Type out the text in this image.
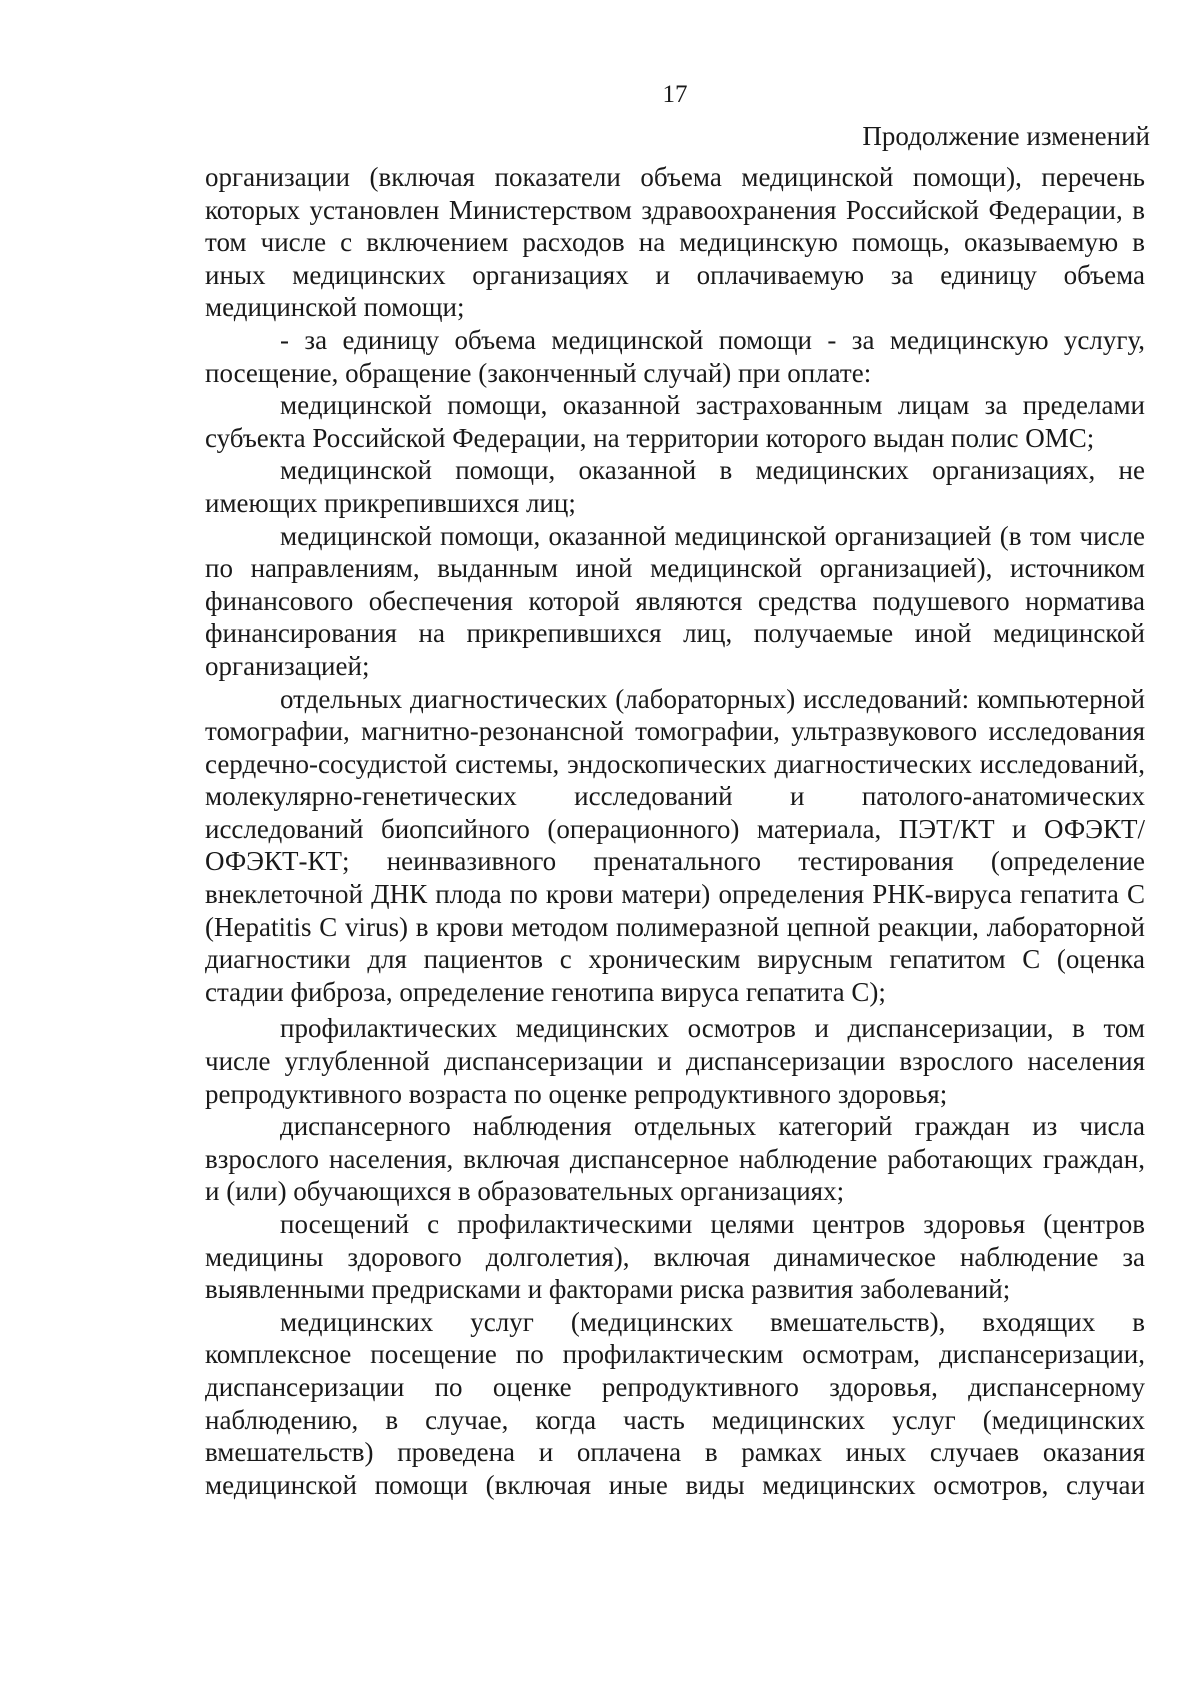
17
Продолжение изменений

организации (включая показатели объема медицинской помощи), перечень которых установлен Министерством здравоохранения Российской Федерации, в том числе с включением расходов на медицинскую помощь, оказываемую в иных медицинских организациях и оплачиваемую за единицу объема медицинской помощи;

- за единицу объема медицинской помощи - за медицинскую услугу, посещение, обращение (законченный случай) при оплате:

медицинской помощи, оказанной застрахованным лицам за пределами субъекта Российской Федерации, на территории которого выдан полис ОМС;

медицинской помощи, оказанной в медицинских организациях, не имеющих прикрепившихся лиц;

медицинской помощи, оказанной медицинской организацией (в том числе по направлениям, выданным иной медицинской организацией), источником финансового обеспечения которой являются средства подушевого норматива финансирования на прикрепившихся лиц, получаемые иной медицинской организацией;

отдельных диагностических (лабораторных) исследований: компьютерной томографии, магнитно-резонансной томографии, ультразвукового исследования сердечно-сосудистой системы, эндоскопических диагностических исследований, молекулярно-генетических исследований и патолого-анатомических исследований биопсийного (операционного) материала, ПЭТ/КТ и ОФЭКТ/ОФЭКТ-КТ; неинвазивного пренатального тестирования (определение внеклеточной ДНК плода по крови матери) определения РНК-вируса гепатита С (Hepatitis С virus) в крови методом полимеразной цепной реакции, лабораторной диагностики для пациентов с хроническим вирусным гепатитом С (оценка стадии фиброза, определение генотипа вируса гепатита С);

профилактических медицинских осмотров и диспансеризации, в том числе углубленной диспансеризации и диспансеризации взрослого населения репродуктивного возраста по оценке репродуктивного здоровья;

диспансерного наблюдения отдельных категорий граждан из числа взрослого населения, включая диспансерное наблюдение работающих граждан, и (или) обучающихся в образовательных организациях;

посещений с профилактическими целями центров здоровья (центров медицины здорового долголетия), включая динамическое наблюдение за выявленными предрисками и факторами риска развития заболеваний;

медицинских услуг (медицинских вмешательств), входящих в комплексное посещение по профилактическим осмотрам, диспансеризации, диспансеризации по оценке репродуктивного здоровья, диспансерному наблюдению, в случае, когда часть медицинских услуг (медицинских вмешательств) проведена и оплачена в рамках иных случаев оказания медицинской помощи (включая иные виды медицинских осмотров, случаи
